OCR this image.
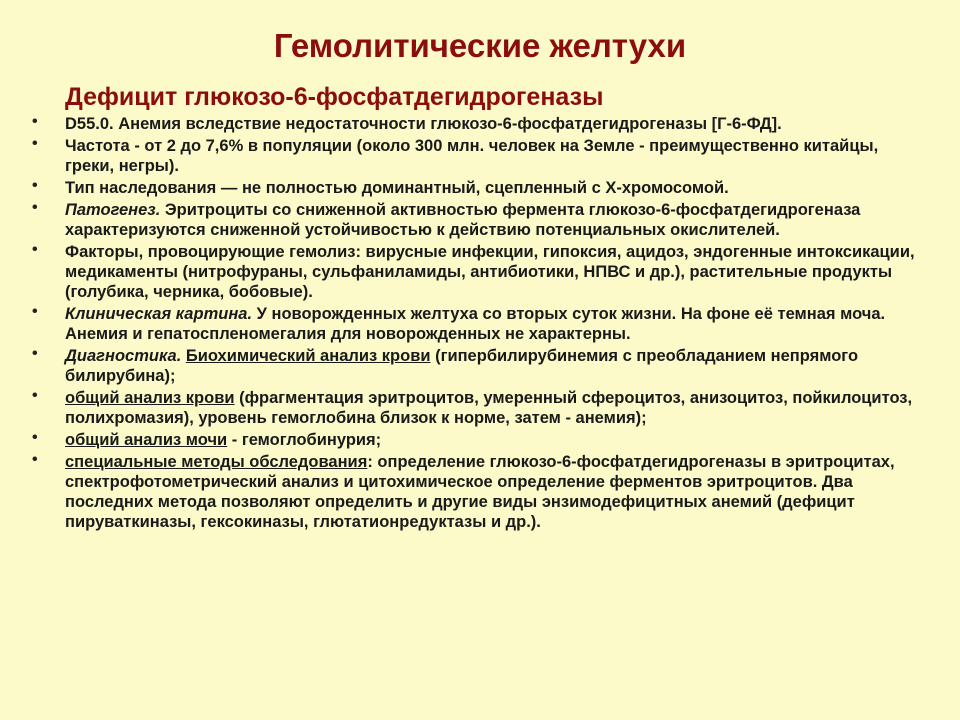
Гемолитические желтухи
Дефицит глюкозо-6-фосфатдегидрогеназы
• D55.0. Анемия вследствие недостаточности глюкозо-6-фосфатдегидрогеназы [Г-6-ФД].
• Частота - от 2 до 7,6% в популяции (около 300 млн. человек на Земле - преимущественно китайцы, греки, негры).
• Тип наследования — не полностью доминантный, сцепленный с Х-хромосомой.
• Патогенез. Эритроциты со сниженной активностью фермента глюкозо-6-фосфатдегидрогеназа характеризуются сниженной устойчивостью к действию потенциальных окислителей.
• Факторы, провоцирующие гемолиз: вирусные инфекции, гипоксия, ацидоз, эндогенные интоксикации, медикаменты (нитрофураны, сульфаниламиды, антибиотики, НПВС и др.), растительные продукты (голубика, черника, бобовые).
• Клиническая картина. У новорожденных желтуха со вторых суток жизни. На фоне её темная моча. Анемия и гепатоспленомегалия для новорожденных не характерны.
• Диагностика. Биохимический анализ крови (гипербилирубинемия с преобладанием непрямого билирубина);
• общий анализ крови (фрагментация эритроцитов, умеренный сфероцитоз, анизоцитоз, пойкилоцитоз, полихромазия), уровень гемоглобина близок к норме, затем - анемия);
• общий анализ мочи - гемоглобинурия;
• специальные методы обследования: определение глюкозо-6-фосфатдегидрогеназы в эритроцитах, спектрофотометрический анализ и цитохимическое определение ферментов эритроцитов. Два последних метода позволяют определить и другие виды энзимодефицитных анемий (дефицит пируваткиназы, гексокиназы, глютатионредуктазы и др.).
